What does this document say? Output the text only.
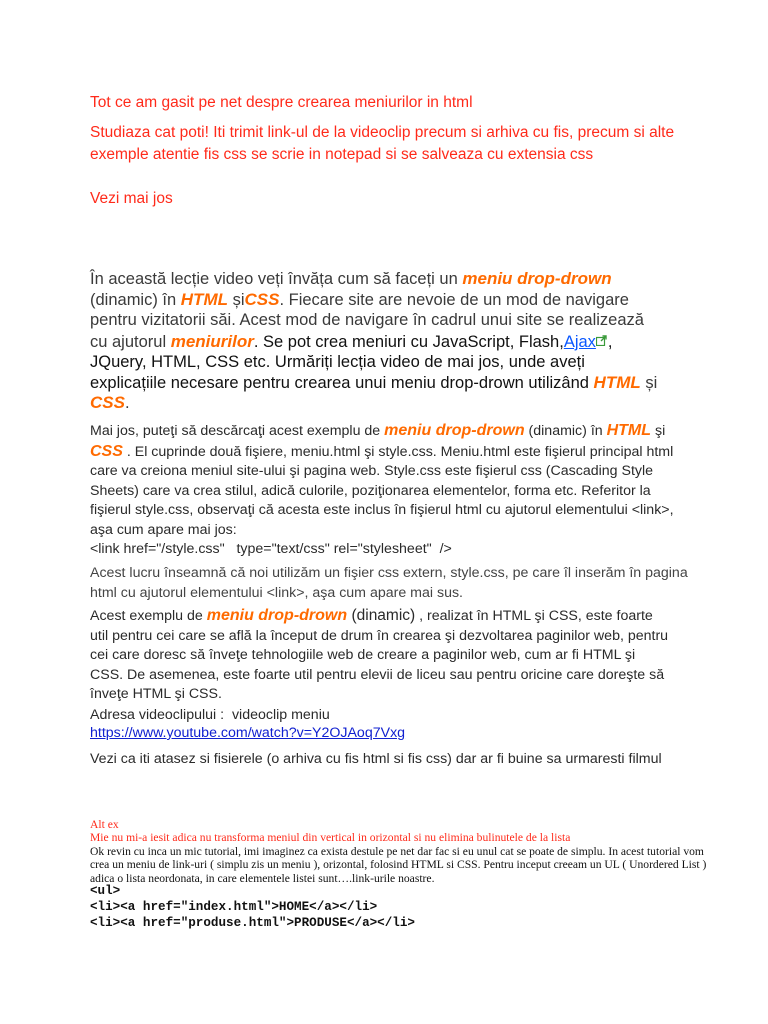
Tot ce am gasit pe net despre crearea meniurilor in html
Studiaza cat poti! Iti trimit link-ul de la videoclip precum si arhiva cu fis, precum si alte exemple atentie fis css se scrie in notepad si se salveaza cu extensia css
Vezi mai jos
În această lecție video veți învăța cum să faceți un meniu drop-drown (dinamic) în HTML șiCSS. Fiecare site are nevoie de un mod de navigare pentru vizitatorii săi. Acest mod de navigare în cadrul unui site se realizează cu ajutorul meniurilor. Se pot crea meniuri cu JavaScript, Flash,Ajax , JQuery, HTML, CSS etc. Urmăriți lecția video de mai jos, unde aveți explicațiile necesare pentru crearea unui meniu drop-drown utilizând HTML și CSS.
Mai jos, puteţi să descărcaţi acest exemplu de meniu drop-drown (dinamic) în HTML şi CSS . El cuprinde două fişiere, meniu.html şi style.css. Meniu.html este fişierul principal html care va creiona meniul site-ului şi pagina web. Style.css este fişierul css (Cascading Style Sheets) care va crea stilul, adică culorile, poziţionarea elementelor, forma etc. Referitor la fişierul style.css, observaţi că acesta este inclus în fişierul html cu ajutorul elementului <link>, aşa cum apare mai jos:
<link href="/style.css"   type="text/css" rel="stylesheet"  />
Acest lucru înseamnă că noi utilizăm un fişier css extern, style.css, pe care îl inserăm în pagina html cu ajutorul elementului <link>, aşa cum apare mai sus.
Acest exemplu de meniu drop-drown (dinamic) , realizat în HTML şi CSS, este foarte util pentru cei care se află la început de drum în crearea şi dezvoltarea paginilor web, pentru cei care doresc să înveţe tehnologiile web de creare a paginilor web, cum ar fi HTML şi CSS. De asemenea, este foarte util pentru elevii de liceu sau pentru oricine care doreşte să înveţe HTML şi CSS.
Adresa videoclipului :  videoclip meniu
https://www.youtube.com/watch?v=Y2OJAoq7Vxg
Vezi ca iti atasez si fisierele (o arhiva cu fis html si fis css) dar ar fi buine sa urmaresti filmul
Alt ex
Mie nu mi-a iesit adica nu transforma meniul din vertical in orizontal si nu elimina bulinutele de la lista
Ok revin cu inca un mic tutorial, imi imaginez ca exista destule pe net dar fac si eu unul cat se poate de simplu. In acest tutorial vom crea un meniu de link-uri ( simplu zis un meniu ), orizontal, folosind HTML si CSS. Pentru inceput creeam un UL ( Unordered List ) adica o lista neordonata, in care elementele listei sunt….link-urile noastre.
<ul>
<li><a href="index.html">HOME</a></li>
<li><a href="produse.html">PRODUSE</a></li>
